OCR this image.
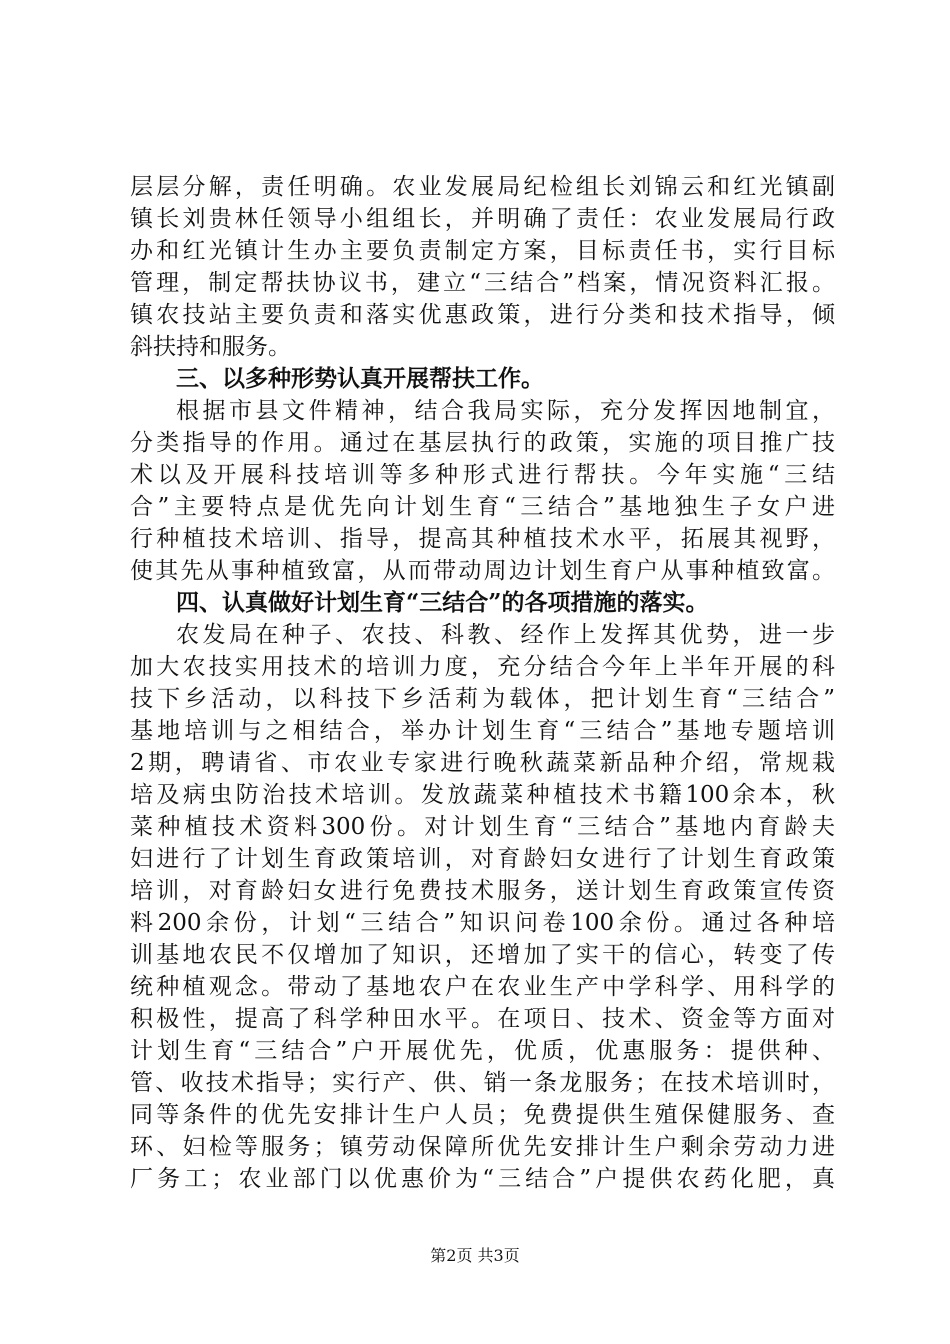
层层分解，责任明确。农业发展局纪检组长刘锦云和红光镇副
镇长刘贵林任领导小组组长，并明确了责任：农业发展局行政
办和红光镇计生办主要负责制定方案，目标责任书，实行目标
管理，制定帮扶协议书，建立“三结合”档案，情况资料汇报。
镇农技站主要负责和落实优惠政策，进行分类和技术指导，倾
斜扶持和服务。
三、以多种形势认真开展帮扶工作。
根据市县文件精神，结合我局实际，充分发挥因地制宜，
分类指导的作用。通过在基层执行的政策，实施的项目推广技
术以及开展科技培训等多种形式进行帮扶。今年实施“三结
合”主要特点是优先向计划生育“三结合”基地独生子女户进
行种植技术培训、指导，提高其种植技术水平，拓展其视野，
使其先从事种植致富，从而带动周边计划生育户从事种植致富。
四、认真做好计划生育“三结合”的各项措施的落实。
农发局在种子、农技、科教、经作上发挥其优势，进一步
加大农技实用技术的培训力度，充分结合今年上半年开展的科
技下乡活动，以科技下乡活莉为载体，把计划生育“三结合”
基地培训与之相结合，举办计划生育“三结合”基地专题培训
2期，聘请省、市农业专家进行晚秋蔬菜新品种介绍，常规栽
培及病虫防治技术培训。发放蔬菜种植技术书籍100余本，秋
菜种植技术资料300份。对计划生育“三结合”基地内育龄夫
妇进行了计划生育政策培训，对育龄妇女进行了计划生育政策
培训，对育龄妇女进行免费技术服务，送计划生育政策宣传资
料200余份，计划“三结合”知识问卷100余份。通过各种培
训基地农民不仅增加了知识，还增加了实干的信心，转变了传
统种植观念。带动了基地农户在农业生产中学科学、用科学的
积极性，提高了科学种田水平。在项日、技术、资金等方面对
计划生育“三结合”户开展优先，优质，优惠服务：提供种、
管、收技术指导；实行产、供、销一条龙服务；在技术培训时，
同等条件的优先安排计生户人员；免费提供生殖保健服务、查
环、妇检等服务；镇劳动保障所优先安排计生户剩余劳动力进
厂务工；农业部门以优惠价为“三结合”户提供农药化肥，真
第2页 共3页
